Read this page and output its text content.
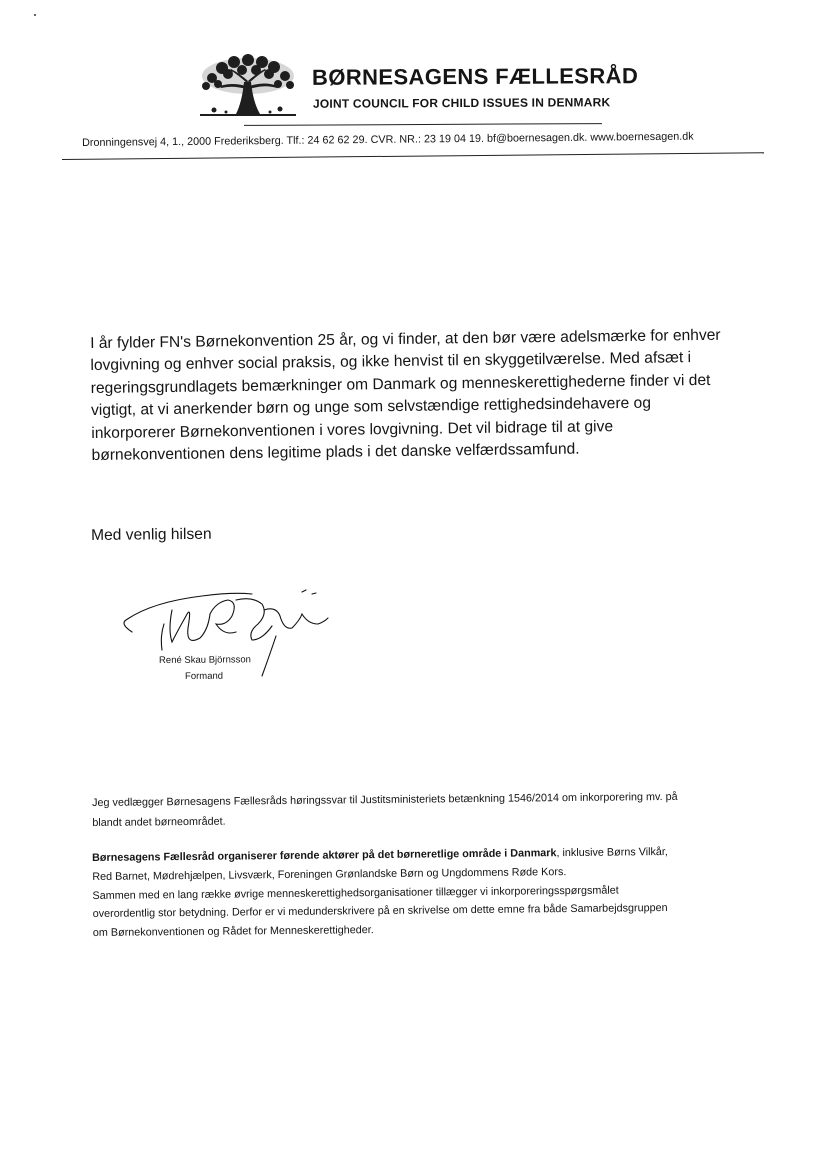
BØRNESAGENS FÆLLESRÅD
JOINT COUNCIL FOR CHILD ISSUES IN DENMARK
Dronningensvej 4, 1., 2000 Frederiksberg. Tlf.: 24 62 62 29. CVR. NR.: 23 19 04 19. bf@boernesagen.dk. www.boernesagen.dk

I år fylder FN's Børnekonvention 25 år, og vi finder, at den bør være adelsmærke for enhver

lovgivning og enhver social praksis, og ikke henvist til en skyggetilværelse. Med afsæt i

regeringsgrundlagets bemærkninger om Danmark og menneskerettighederne finder vi det

vigtigt, at vi anerkender børn og unge som selvstændige rettighedsindehavere og

inkorporerer Børnekonventionen i vores lovgivning. Det vil bidrage til at give

børnekonventionen dens legitime plads i det danske velfærdssamfund.

Med venlig hilsen
René Skau Björnsson
Formand

Jeg vedlægger Børnesagens Fællesråds høringssvar til Justitsministeriets betænkning 1546/2014 om inkorporering mv. på

blandt andet børneområdet.

Børnesagens Fællesråd organiserer førende aktører på det børneretlige område i Danmark, inklusive Børns Vilkår,

Red Barnet, Mødrehjælpen, Livsværk, Foreningen Grønlandske Børn og Ungdommens Røde Kors.

Sammen med en lang række øvrige menneskerettighedsorganisationer tillægger vi inkorporeringsspørgsmålet

overordentlig stor betydning. Derfor er vi medunderskrivere på en skrivelse om dette emne fra både Samarbejdsgruppen

om Børnekonventionen og Rådet for Menneskerettigheder.
